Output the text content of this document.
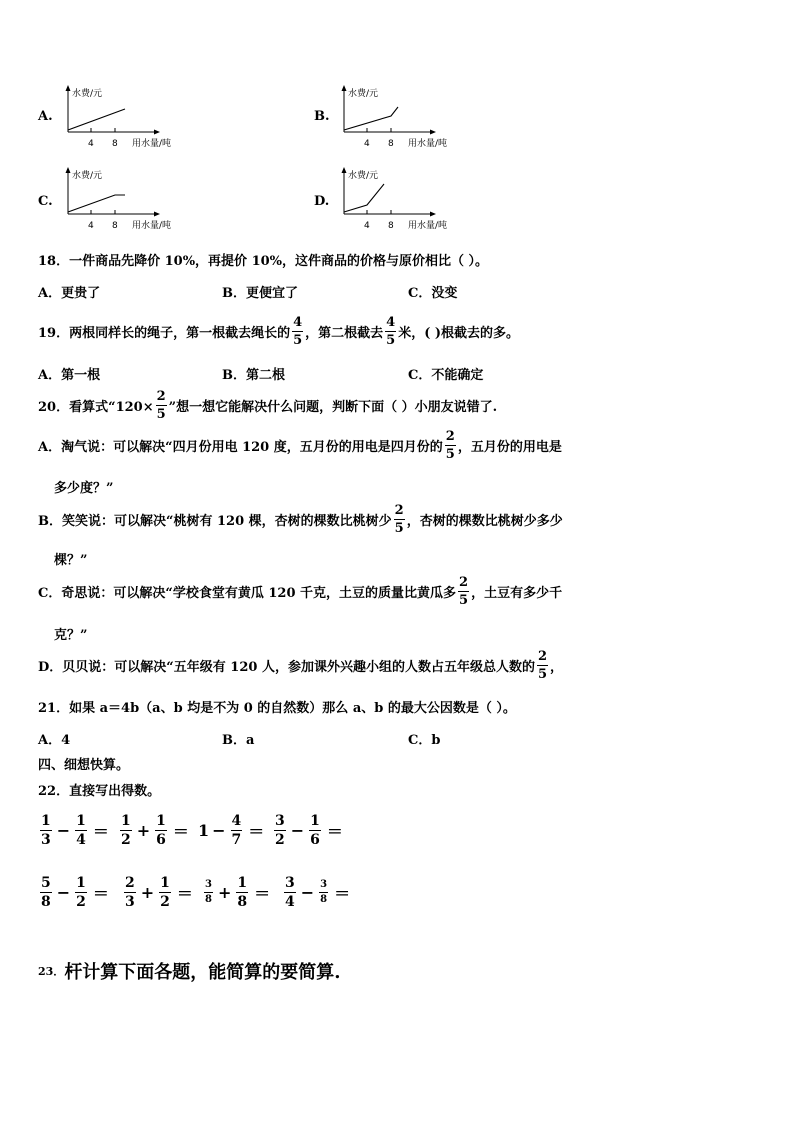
A.
水费/元
4 8 用水量/吨
B.
水费/元
4 8 用水量/吨
C.
水费/元
4 8 用水量/吨
D.
水费/元
4 8 用水量/吨
18．一件商品先降价 10%，再提价 10%，这件商品的价格与原价相比（ ）。
A．更贵了	B．更便宜了	C．没变
19．两根同样长的绳子，第一根截去绳长的 $\frac{4}{5}$ ，第二根截去 $\frac{4}{5}$ 米，( )根截去的多。
A．第一根	B．第二根	C．不能确定
20．看算式“$120\times \frac{2}{5}$ ”想一想它能解决什么问题，判断下面（ ）小朋友说错了.
A．淘气说：可以解决“四月份用电 120 度，五月份的用电是四月份的 $\frac{2}{5}$ ，五月份的用电是
多少度？”
B．笑笑说：可以解决“桃树有 120 棵，杏树的棵数比桃树少 $\frac{2}{5}$ ，杏树的棵数比桃树少多少
棵？”
C．奇思说：可以解决“学校食堂有黄瓜 120 千克，土豆的质量比黄瓜多 $\frac{2}{5}$ ，土豆有多少千
克？”
D．贝贝说：可以解决“五年级有 120 人，参加课外兴趣小组的人数占五年级总人数的 $\frac{2}{5}$ ，
21．如果 a＝4b（a、b 均是不为 0 的自然数）那么 a、b 的最大公因数是（ ）。
A．4	B．a	C．b
四、细想快算。
22．直接写出得数。
$\frac{1}{3} - \frac{1}{4} = \frac{1}{2} + \frac{1}{6} = 1 - \frac{4}{7} = \frac{3}{2} - \frac{1}{6}$ ＝
$\frac{5}{8} - \frac{1}{2} = \frac{2}{3} + \frac{1}{2} = \frac{3}{8} + \frac{1}{8} = \frac{3}{4} - \frac{3}{8}$ ＝
23． 杆计算下面各题，能简算的要简算.
